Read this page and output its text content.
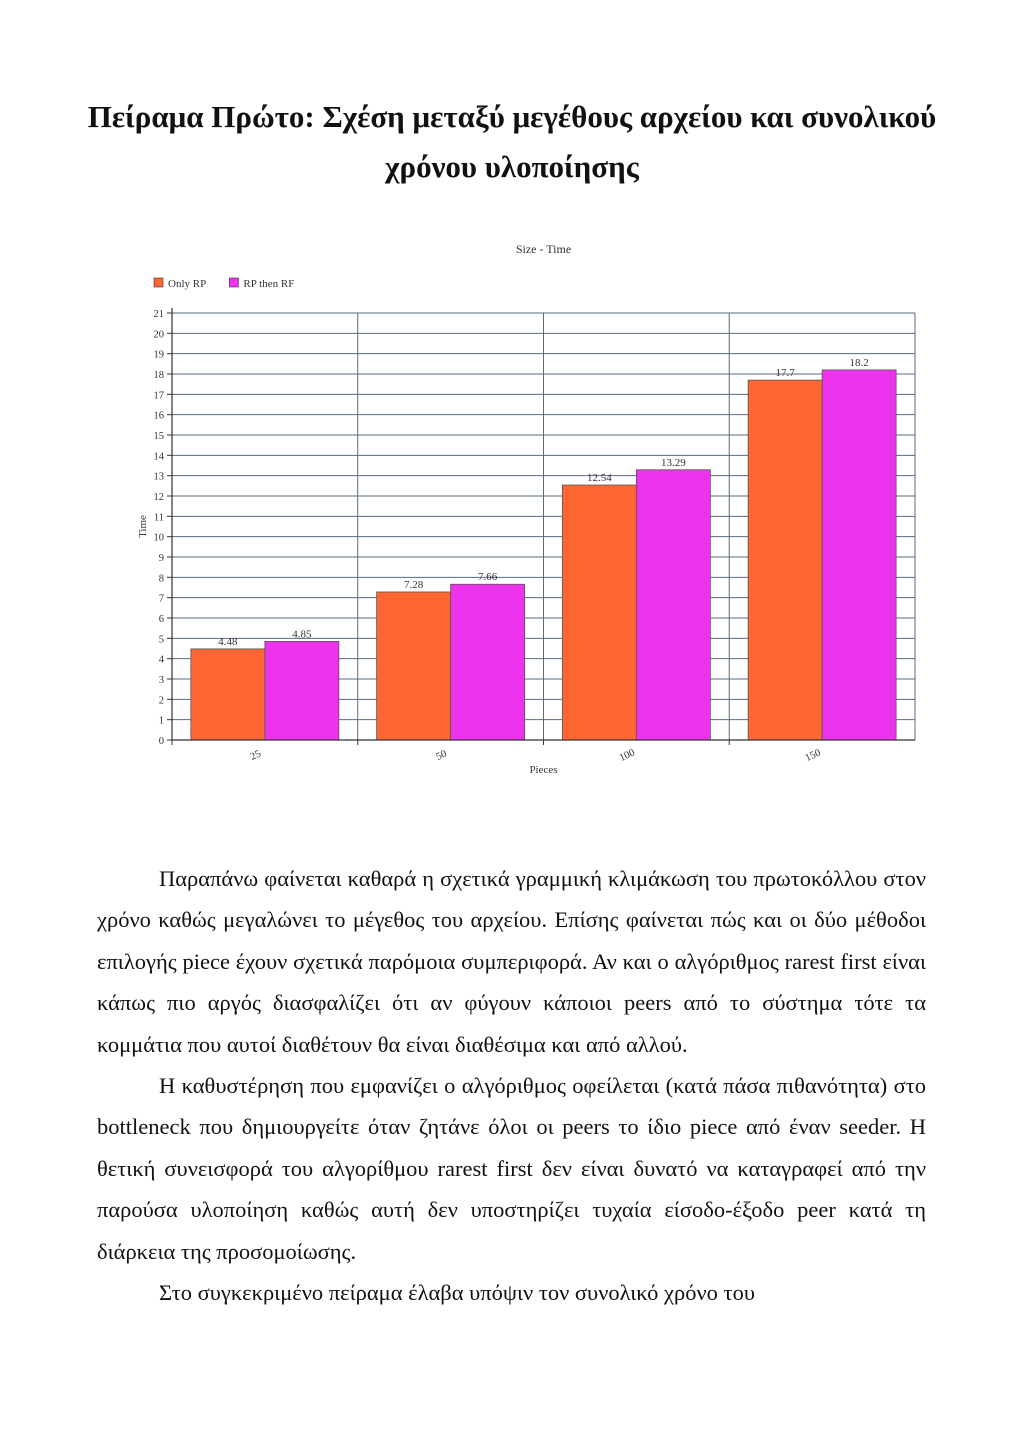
Πείραμα Πρώτο: Σχέση μεταξύ μεγέθους αρχείου και συνολικού
χρόνου υλοποίησης
Size - Time
Only RP	RP then RF
0
1
2
3
4
5
6
7
8
9
10
11
12
13
14
15
16
17
18
19
20
21
4.48
4.85
25
7.28
7.66
50
12.54
13.29
100
17.7
18.2
150
Pieces
Time

Παραπάνω φαίνεται καθαρά η σχετικά γραμμική κλιμάκωση του πρωτοκόλλου στον χρόνο καθώς μεγαλώνει το μέγεθος του αρχείου. Επίσης φαίνεται πώς και οι δύο μέθοδοι επιλογής piece έχουν σχετικά παρόμοια συμπεριφορά. Αν και ο αλγόριθμος rarest first είναι κάπως πιο αργός διασφαλίζει ότι αν φύγουν κάποιοι peers από το σύστημα τότε τα κομμάτια που αυτοί διαθέτουν θα είναι διαθέσιμα και από αλλού.

Η καθυστέρηση που εμφανίζει ο αλγόριθμος οφείλεται (κατά πάσα πιθανότητα) στο bottleneck που δημιουργείτε όταν ζητάνε όλοι οι peers το ίδιο piece από έναν seeder. Η θετική συνεισφορά του αλγορίθμου rarest first δεν είναι δυνατό να καταγραφεί από την παρούσα υλοποίηση καθώς αυτή δεν υποστηρίζει τυχαία είσοδο-έξοδο peer κατά τη διάρκεια της προσομοίωσης.

Στο συγκεκριμένο πείραμα έλαβα υπόψιν τον συνολικό χρόνο του
